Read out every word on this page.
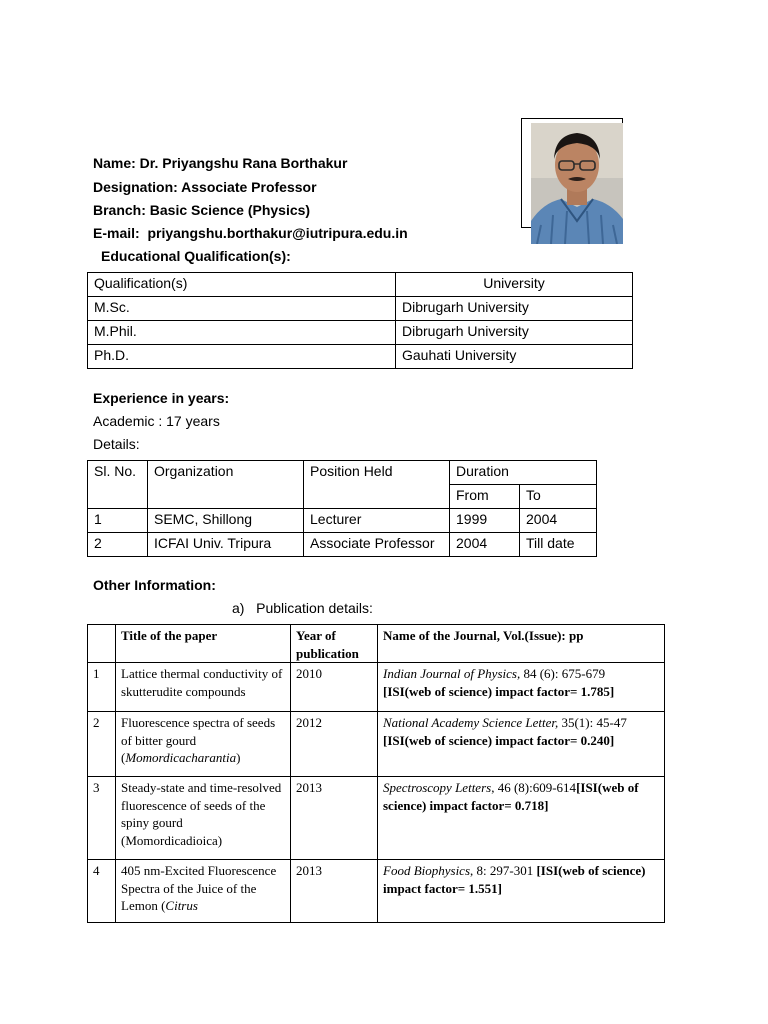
Name: Dr. Priyangshu Rana Borthakur
Designation: Associate Professor
Branch: Basic Science (Physics)
E-mail: priyangshu.borthakur@iutripura.edu.in
Educational Qualification(s):
Qualification(s)	University
M.Sc.	Dibrugarh University
M.Phil.	Dibrugarh University
Ph.D.	Gauhati University
Experience in years:
Academic : 17 years
Details:
Sl. No.	Organization	Position Held	Duration	
			From	To
1	SEMC, Shillong	Lecturer	1999	2004
2	ICFAI Univ. Tripura	Associate Professor	2004	Till date
Other Information:
a) Publication details:
	Title of the paper	Year of publication	Name of the Journal, Vol.(Issue): pp
1	Lattice thermal conductivity of skutterudite compounds	2010	Indian Journal of Physics, 84 (6): 675-679
[ISI(web of science) impact factor= 1.785]
2	Fluorescence spectra of seeds of bitter gourd (Momordicacharantia)	2012	National Academy Science Letter, 35(1): 45-47
[ISI(web of science) impact factor= 0.240]
3	Steady-state and time-resolved fluorescence of seeds of the spiny gourd (Momordicadioica)	2013	Spectroscopy Letters, 46 (8):609-614[ISI(web of science) impact factor= 0.718]
4	405 nm-Excited Fluorescence Spectra of the Juice of the Lemon (Citrus	2013	Food Biophysics, 8: 297-301 [ISI(web of science) impact factor= 1.551]
